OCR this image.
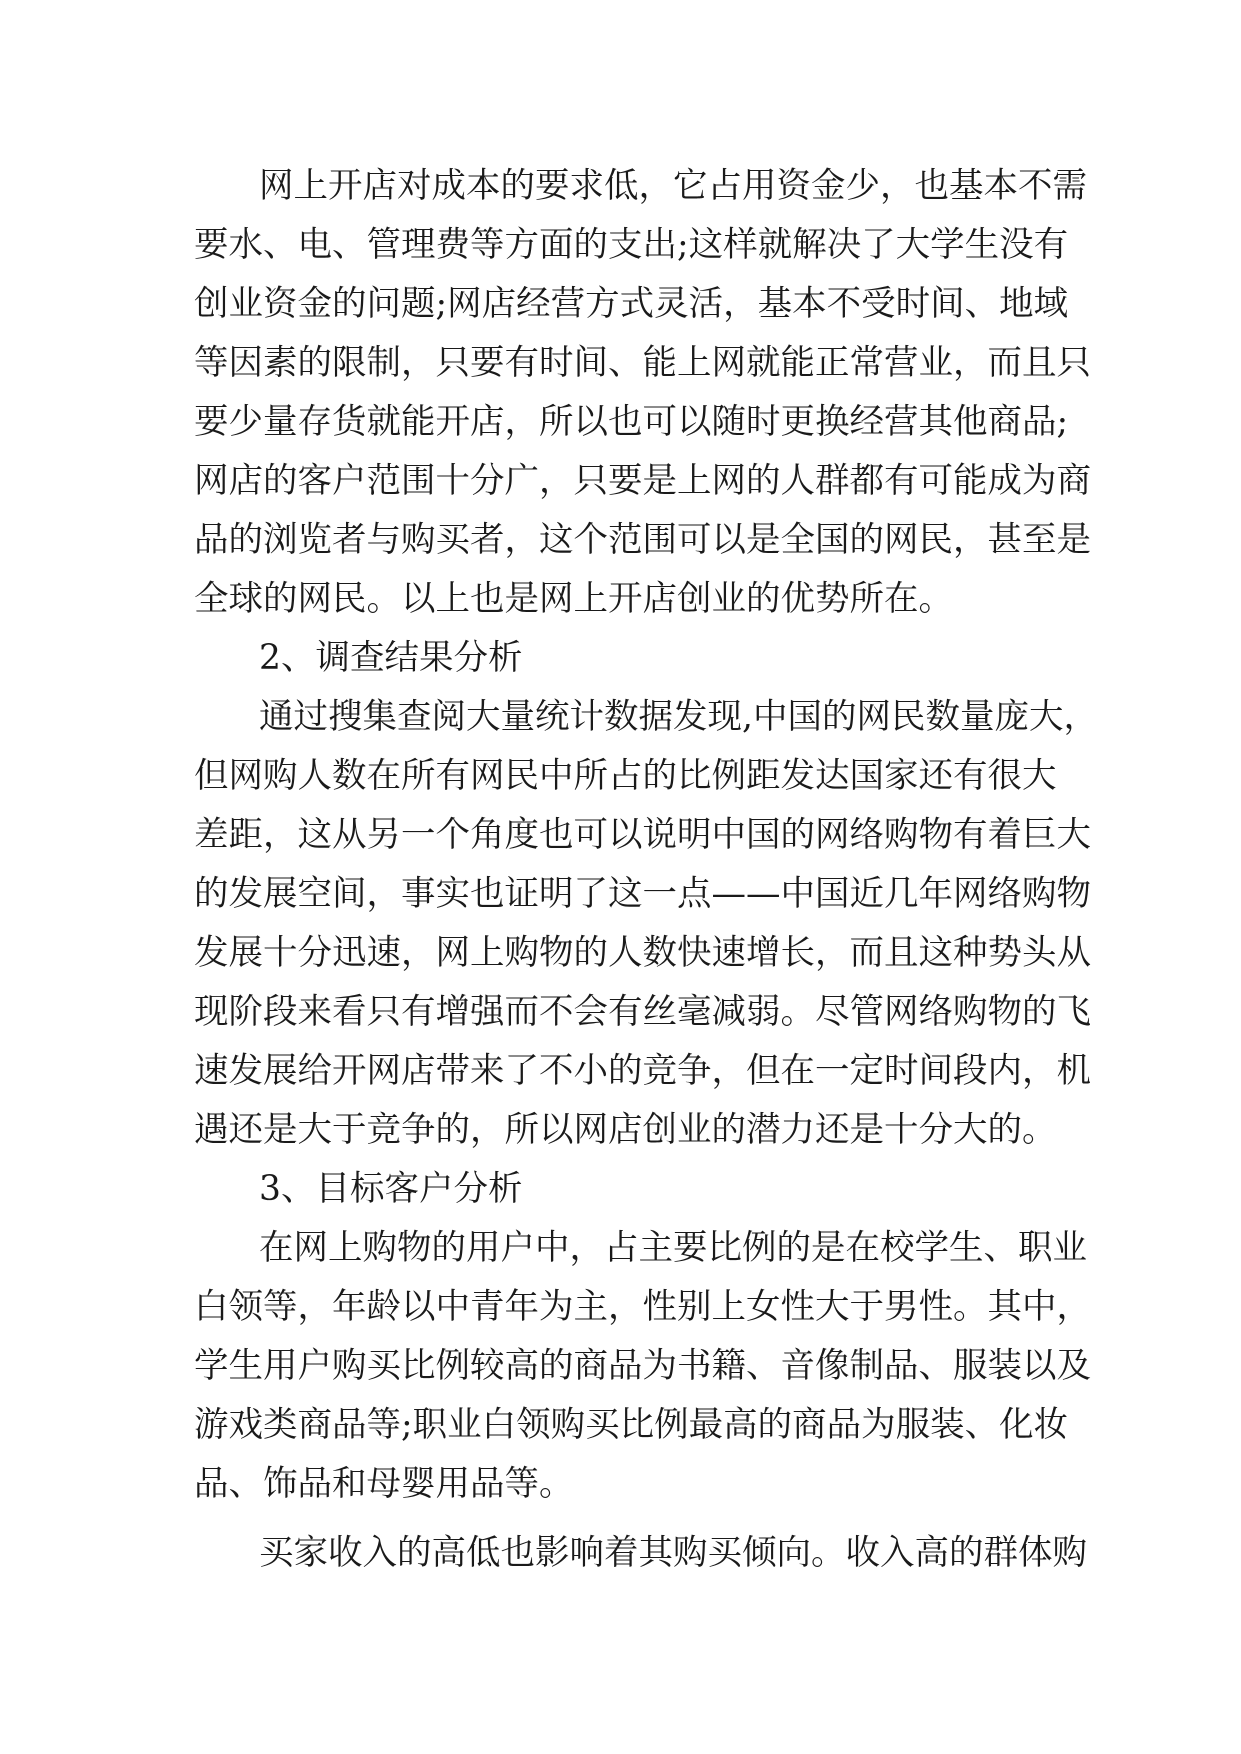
网上开店对成本的要求低，它占用资金少，也基本不需
要水、电、管理费等方面的支出;这样就解决了大学生没有
创业资金的问题;网店经营方式灵活，基本不受时间、地域
等因素的限制，只要有时间、能上网就能正常营业，而且只
要少量存货就能开店，所以也可以随时更换经营其他商品;
网店的客户范围十分广，只要是上网的人群都有可能成为商
品的浏览者与购买者，这个范围可以是全国的网民，甚至是
全球的网民。以上也是网上开店创业的优势所在。
2、调查结果分析
通过搜集查阅大量统计数据发现,中国的网民数量庞大，
但网购人数在所有网民中所占的比例距发达国家还有很大
差距，这从另一个角度也可以说明中国的网络购物有着巨大
的发展空间，事实也证明了这一点——中国近几年网络购物
发展十分迅速，网上购物的人数快速增长，而且这种势头从
现阶段来看只有增强而不会有丝毫减弱。尽管网络购物的飞
速发展给开网店带来了不小的竞争，但在一定时间段内，机
遇还是大于竞争的，所以网店创业的潜力还是十分大的。
3、目标客户分析
在网上购物的用户中，占主要比例的是在校学生、职业
白领等，年龄以中青年为主，性别上女性大于男性。其中，
学生用户购买比例较高的商品为书籍、音像制品、服装以及
游戏类商品等;职业白领购买比例最高的商品为服装、化妆
品、饰品和母婴用品等。
买家收入的高低也影响着其购买倾向。收入高的群体购
